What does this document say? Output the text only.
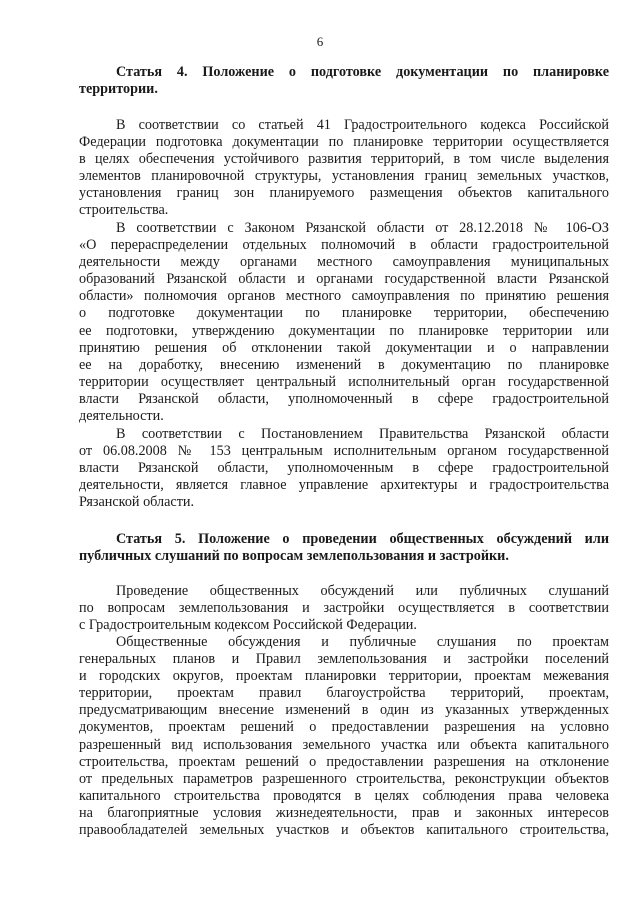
6
Статья 4. Положение о подготовке документации по планировке
территории.
В соответствии со статьей 41 Градостроительного кодекса Российской
Федерации подготовка документации по планировке территории осуществляется
в целях обеспечения устойчивого развития территорий, в том числе выделения
элементов планировочной структуры, установления границ земельных участков,
установления границ зон планируемого размещения объектов капитального
строительства.
В соответствии с Законом Рязанской области от 28.12.2018 № 106-ОЗ
«О перераспределении отдельных полномочий в области градостроительной
деятельности между органами местного самоуправления муниципальных
образований Рязанской области и органами государственной власти Рязанской
области» полномочия органов местного самоуправления по принятию решения
о подготовке документации по планировке территории, обеспечению
ее подготовки, утверждению документации по планировке территории или
принятию решения об отклонении такой документации и о направлении
ее на доработку, внесению изменений в документацию по планировке
территории осуществляет центральный исполнительный орган государственной
власти Рязанской области, уполномоченный в сфере градостроительной
деятельности.
В соответствии с Постановлением Правительства Рязанской области
от 06.08.2008 № 153 центральным исполнительным органом государственной
власти Рязанской области, уполномоченным в сфере градостроительной
деятельности, является главное управление архитектуры и градостроительства
Рязанской области.
Статья 5. Положение о проведении общественных обсуждений или
публичных слушаний по вопросам землепользования и застройки.
Проведение общественных обсуждений или публичных слушаний
по вопросам землепользования и застройки осуществляется в соответствии
с Градостроительным кодексом Российской Федерации.
Общественные обсуждения и публичные слушания по проектам
генеральных планов и Правил землепользования и застройки поселений
и городских округов, проектам планировки территории, проектам межевания
территории, проектам правил благоустройства территорий, проектам,
предусматривающим внесение изменений в один из указанных утвержденных
документов, проектам решений о предоставлении разрешения на условно
разрешенный вид использования земельного участка или объекта капитального
строительства, проектам решений о предоставлении разрешения на отклонение
от предельных параметров разрешенного строительства, реконструкции объектов
капитального строительства проводятся в целях соблюдения права человека
на благоприятные условия жизнедеятельности, прав и законных интересов
правообладателей земельных участков и объектов капитального строительства,
